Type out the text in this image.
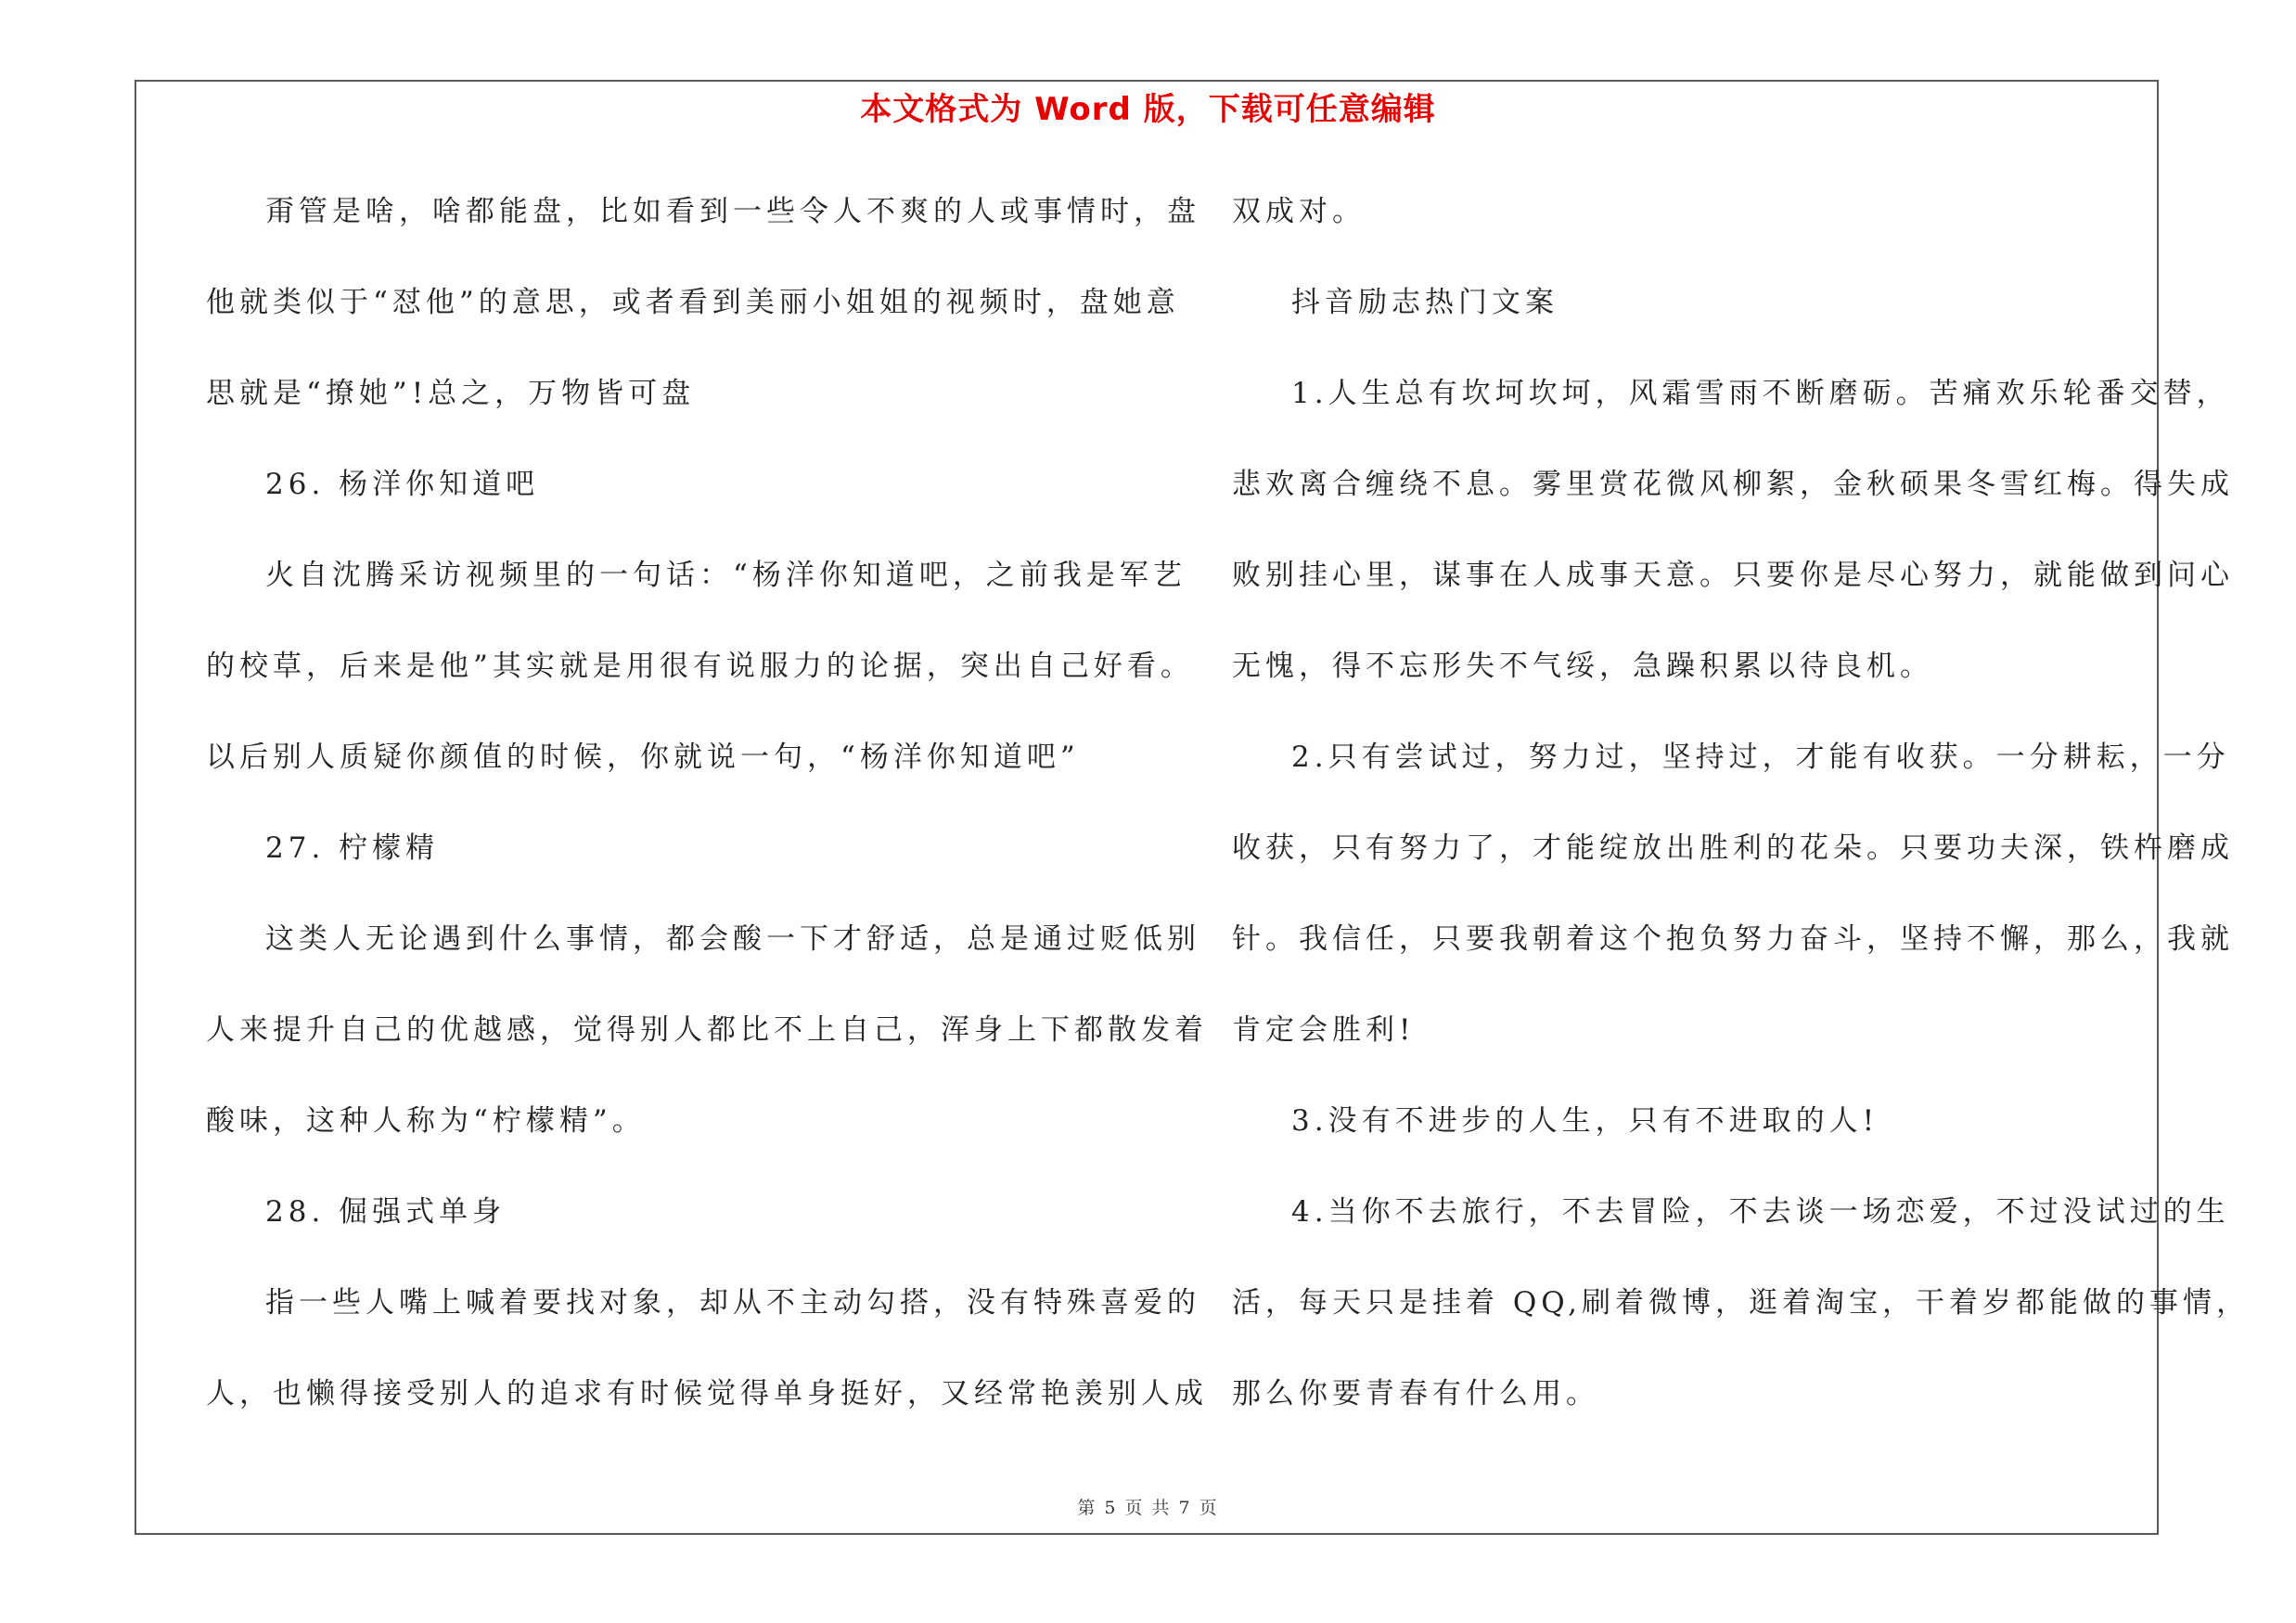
本文格式为 Word 版，下载可任意编辑
甭管是啥，啥都能盘，比如看到一些令人不爽的人或事情时，盘
他就类似于“怼他”的意思，或者看到美丽小姐姐的视频时，盘她意
思就是“撩她”!总之，万物皆可盘
26. 杨洋你知道吧
火自沈腾采访视频里的一句话：“杨洋你知道吧，之前我是军艺
的校草，后来是他”其实就是用很有说服力的论据，突出自己好看。
以后别人质疑你颜值的时候，你就说一句，“杨洋你知道吧”
27. 柠檬精
这类人无论遇到什么事情，都会酸一下才舒适，总是通过贬低别
人来提升自己的优越感，觉得别人都比不上自己，浑身上下都散发着
酸味，这种人称为“柠檬精”。
28. 倔强式单身
指一些人嘴上喊着要找对象，却从不主动勾搭，没有特殊喜爱的
人，也懒得接受别人的追求有时候觉得单身挺好，又经常艳羡别人成
双成对。
抖音励志热门文案
1.人生总有坎坷坎坷，风霜雪雨不断磨砺。苦痛欢乐轮番交替，
悲欢离合缠绕不息。雾里赏花微风柳絮，金秋硕果冬雪红梅。得失成
败别挂心里，谋事在人成事天意。只要你是尽心努力，就能做到问心
无愧，得不忘形失不气绥，急躁积累以待良机。
2.只有尝试过，努力过，坚持过，才能有收获。一分耕耘，一分
收获，只有努力了，才能绽放出胜利的花朵。只要功夫深，铁杵磨成
针。我信任，只要我朝着这个抱负努力奋斗，坚持不懈，那么，我就
肯定会胜利!
3.没有不进步的人生，只有不进取的人!
4.当你不去旅行，不去冒险，不去谈一场恋爱，不过没试过的生
活，每天只是挂着 QQ,刷着微博，逛着淘宝，干着岁都能做的事情，
那么你要青春有什么用。
第 5 页 共 7 页
